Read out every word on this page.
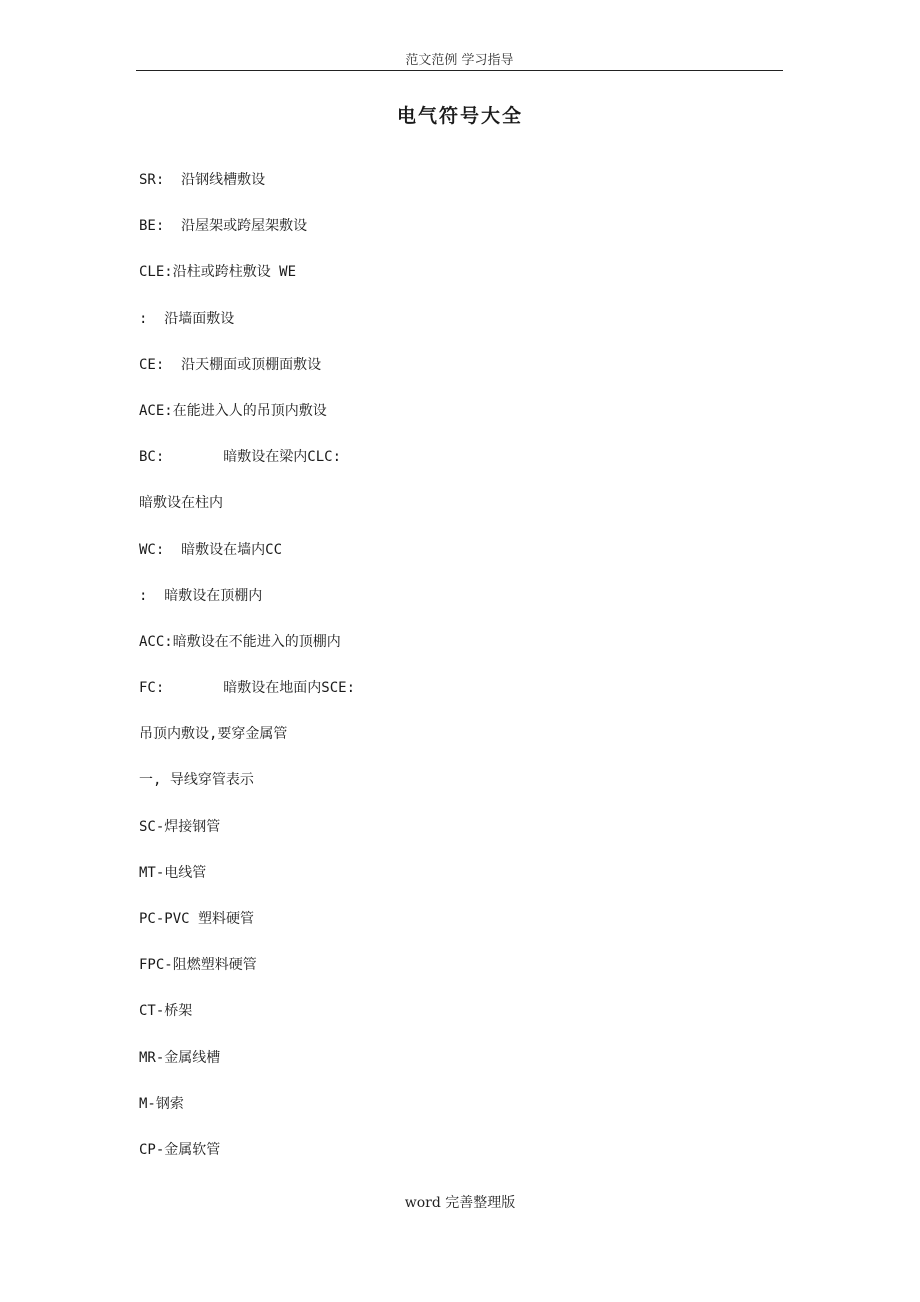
范文范例 学习指导
电气符号大全
SR:  沿钢线槽敷设
BE:  沿屋架或跨屋架敷设
CLE:沿柱或跨柱敷设 WE
:  沿墙面敷设
CE:  沿天棚面或顶棚面敷设
ACE:在能进入人的吊顶内敷设
BC:       暗敷设在梁内CLC:
暗敷设在柱内
WC:  暗敷设在墙内CC
:  暗敷设在顶棚内
ACC:暗敷设在不能进入的顶棚内
FC:       暗敷设在地面内SCE:
吊顶内敷设,要穿金属管
一, 导线穿管表示
SC-焊接钢管
MT-电线管
PC-PVC 塑料硬管
FPC-阻燃塑料硬管
CT-桥架
MR-金属线槽
M-钢索
CP-金属软管
word 完善整理版
